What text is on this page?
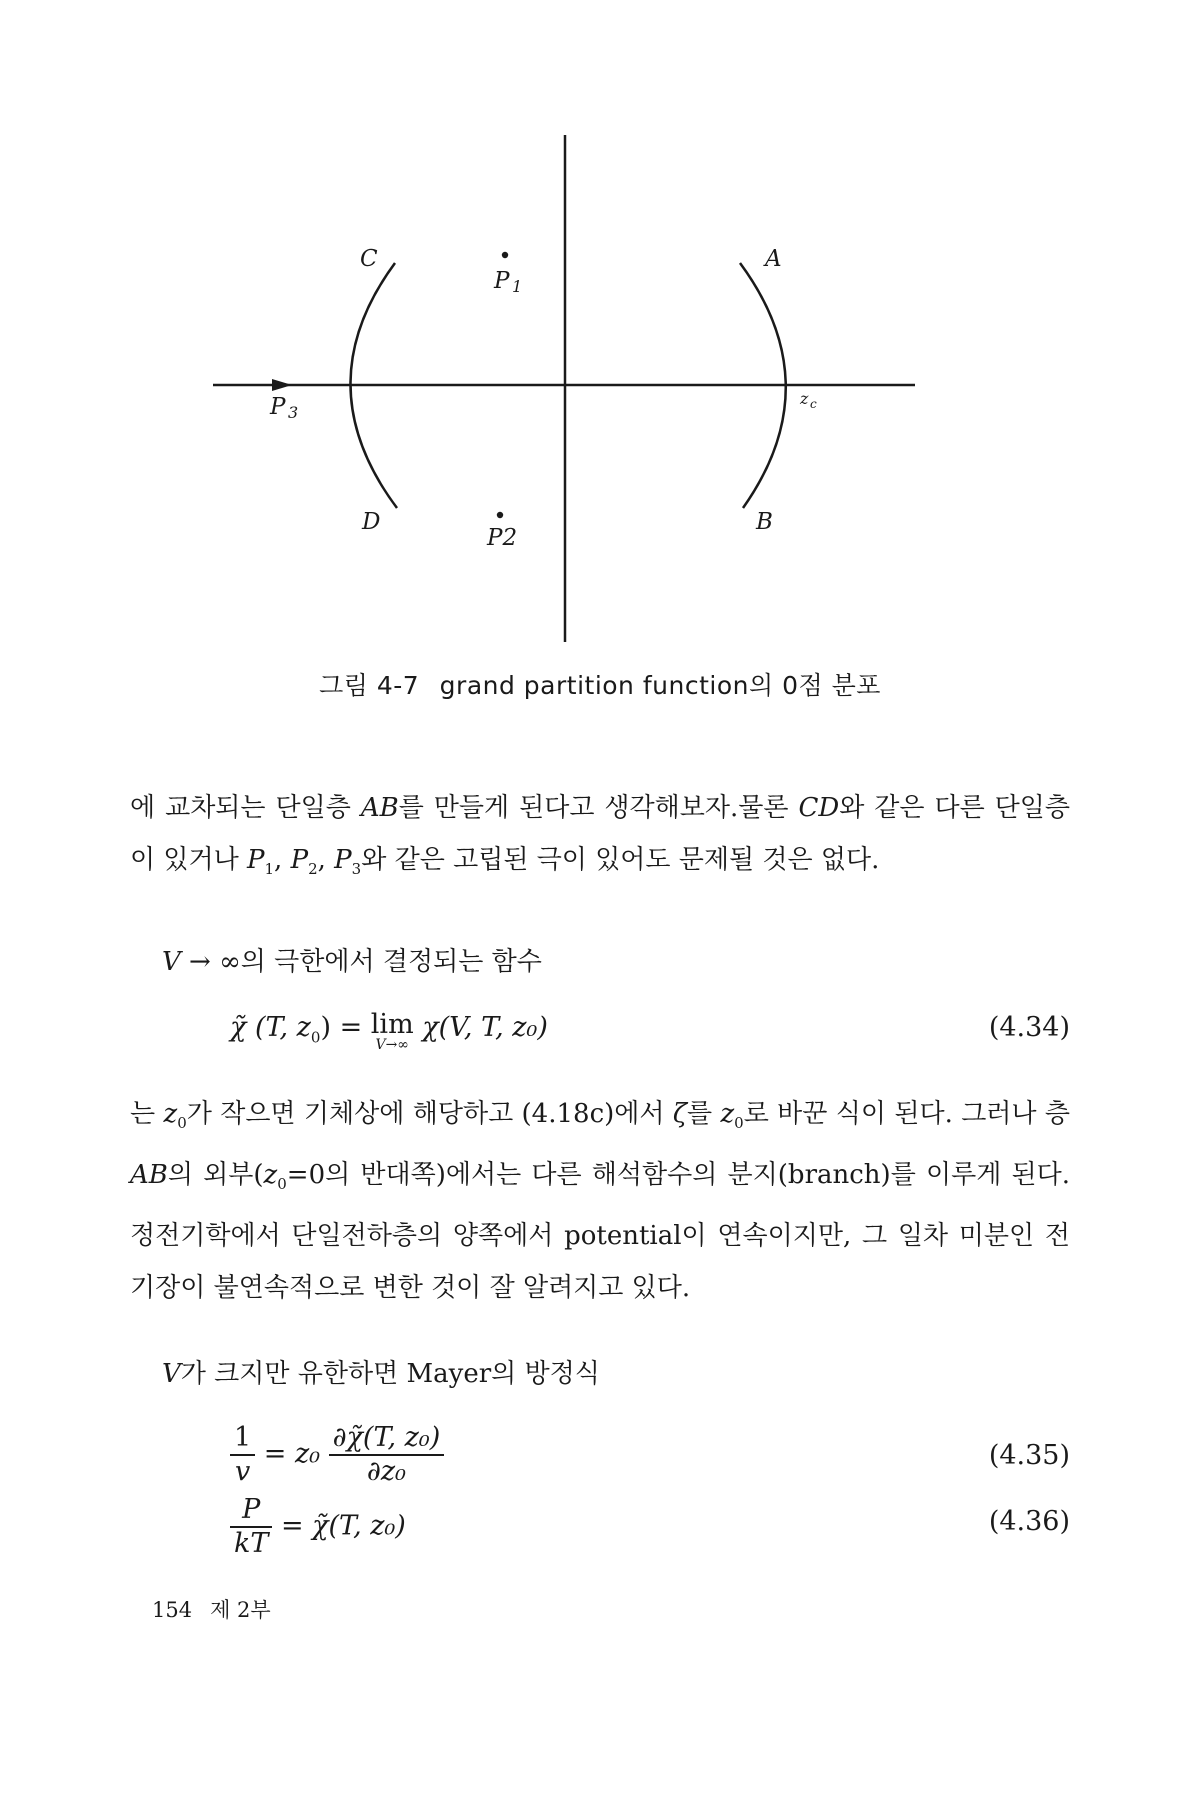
C	A
D	B
P 1
P2
P 3
z c
그림 4-7 grand partition function의 0점 분포

에 교차되는 단일층 AB를 만들게 된다고 생각해보자.물론 CD와 같은 다른 단일층이 있거나 $P_1$, $P_2$, $P_3$와 같은 고립된 극이 있어도 문제될 것은 없다.

V → ∞의 극한에서 결정되는 함수

χ̃ (T, $z_0) = \lim$
V→∞
χ(V, T, z₀)	(4.34)

는 $z_0$가 작으면 기체상에 해당하고 (4.18c)에서 ζ를 $z_0$로 바꾼 식이 된다. 그러나 층 AB의 외부($z_0=0$의 반대쪽)에서는 다른 해석함수의 분지(branch)를 이루게 된다. 정전기학에서 단일전하층의 양쪽에서 potential이 연속이지만, 그 일차 미분인 전기장이 불연속적으로 변한 것이 잘 알려지고 있다.

V가 크지만 유한하면 Mayer의 방정식

$\frac{1}{v} = z_0 \frac{\text{∂χ̃(T, z₀)}}{\text{∂z₀}}$	(4.35)
$\frac{P}{kT}$ = χ̃(T, z₀)	(4.36)
154 제 2부
